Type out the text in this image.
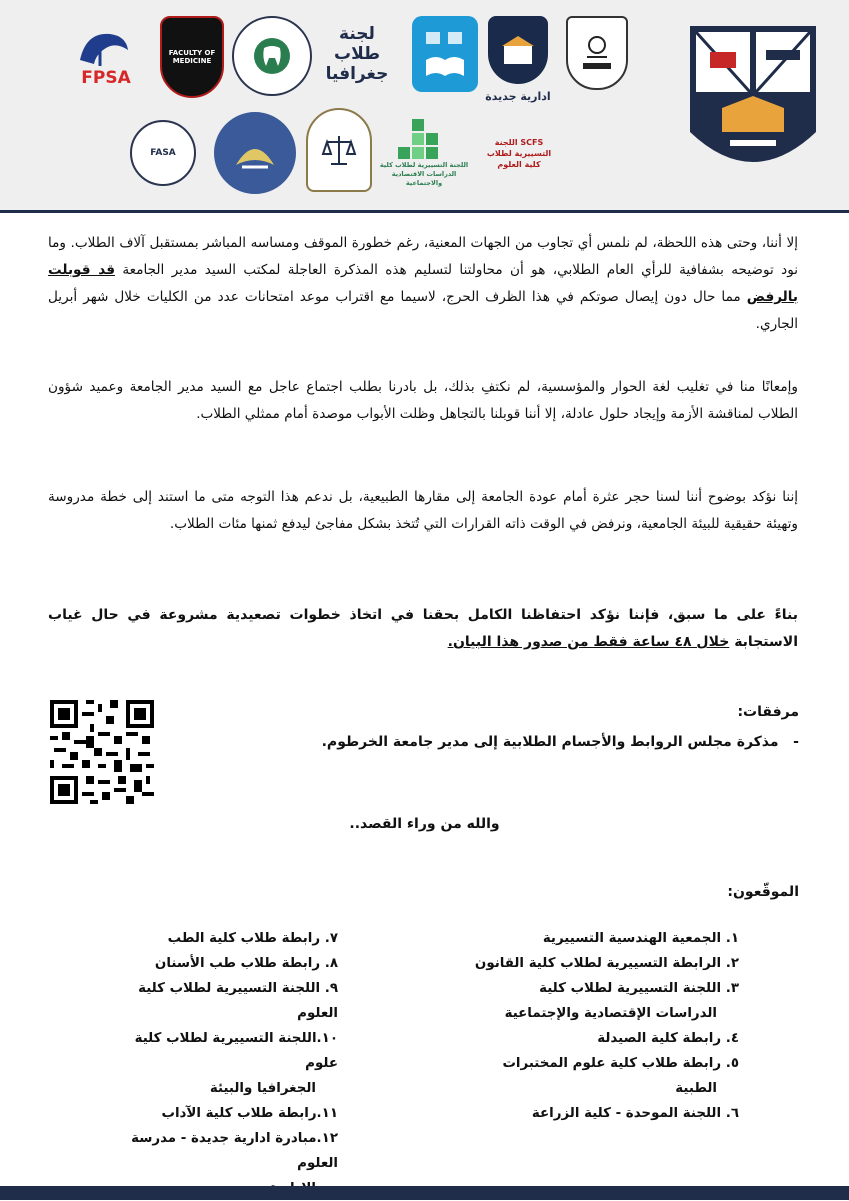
FPSA
FACULTY OF MEDICINE
لجنة طلاب جغرافيا
ادارية جديدة
FASA
اللجنة التسييرية لطلاب كلية الدراسات الاقتصادية والاجتماعية
SCFS اللجنة التسييرية لطلاب كلية العلوم
إلا أننا، وحتى هذه اللحظة، لم نلمس أي تجاوب من الجهات المعنية، رغم خطورة الموقف ومساسه المباشر بمستقبل آلاف الطلاب. وما نود توضيحه بشفافية للرأي العام الطلابي، هو أن محاولتنا لتسليم هذه المذكرة العاجلة لمكتب السيد مدير الجامعة قد قوبلت بالرفض مما حال دون إيصال صوتكم في هذا الظرف الحرج، لاسيما مع اقتراب موعد امتحانات عدد من الكليات خلال شهر أبريل الجاري.
وإمعانًا منا في تغليب لغة الحوار والمؤسسية، لم نكتفِ بذلك، بل بادرنا بطلب اجتماع عاجل مع السيد مدير الجامعة وعميد شؤون الطلاب لمناقشة الأزمة وإيجاد حلول عادلة، إلا أننا قوبلنا بالتجاهل وظلت الأبواب موصدة أمام ممثلي الطلاب.
إننا نؤكد بوضوح أننا لسنا حجر عثرة أمام عودة الجامعة إلى مقارها الطبيعية، بل ندعم هذا التوجه متى ما استند إلى خطة مدروسة وتهيئة حقيقية للبيئة الجامعية، ونرفض في الوقت ذاته القرارات التي تُتخذ بشكل مفاجئ ليدفع ثمنها مئات الطلاب.
بناءً على ما سبق، فإننا نؤكد احتفاظنا الكامل بحقنا في اتخاذ خطوات تصعيدية مشروعة في حال غياب الاستجابة خلال ٤٨ ساعة فقط من صدور هذا البيان.
مرفقات:
-   مذكرة مجلس الروابط والأجسام الطلابية إلى مدير جامعة الخرطوم.
والله من وراء القصد..
الموقّعون:
١. الجمعية الهندسية التسييرية
٢. الرابطة التسييرية لطلاب كلية القانون
٣. اللجنة التسييرية لطلاب كلية
الدراسات الإقتصادية والإجتماعية
٤. رابطة كلية الصيدلة
٥. رابطة طلاب كلية علوم المختبرات
الطبية
٦. اللجنة الموحدة - كلية الزراعة
٧. رابطة طلاب كلية الطب
٨. رابطة طلاب طب الأسنان
٩. اللجنة التسييرية لطلاب كلية العلوم
١٠.اللجنة التسييرية لطلاب كلية علوم
الجغرافيا والبيئة
١١.رابطة طلاب كلية الآداب
١٢.مبادرة ادارية جديدة - مدرسة العلوم
